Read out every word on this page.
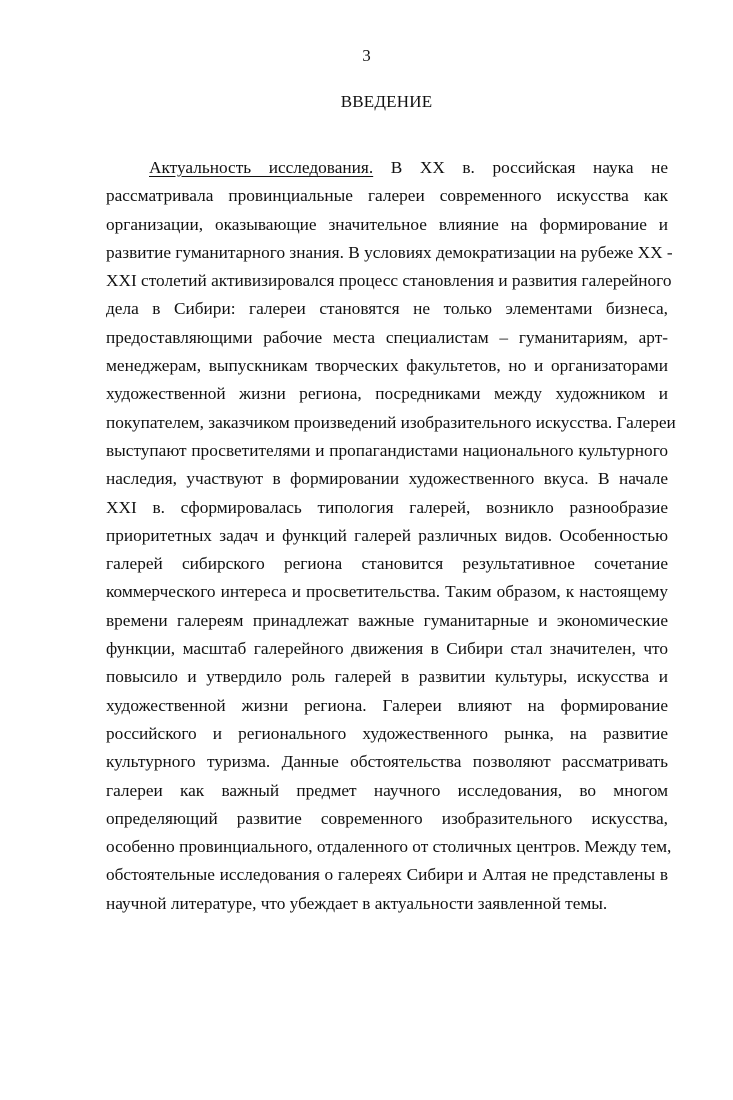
3
ВВЕДЕНИЕ
Актуальность исследования. В XX в. российская наука не
рассматривала провинциальные галереи современного искусства как
организации, оказывающие значительное влияние на формирование и
развитие гуманитарного знания. В условиях демократизации на рубеже XX -
XXI столетий активизировался процесс становления и развития галерейного
дела в Сибири: галереи становятся не только элементами бизнеса,
предоставляющими рабочие места специалистам – гуманитариям, арт-
менеджерам, выпускникам творческих факультетов, но и организаторами
художественной жизни региона, посредниками между художником и
покупателем, заказчиком произведений изобразительного искусства. Галереи
выступают просветителями и пропагандистами национального культурного
наследия, участвуют в формировании художественного вкуса. В начале
XXI в. сформировалась типология галерей, возникло разнообразие
приоритетных задач и функций галерей различных видов. Особенностью
галерей сибирского региона становится результативное сочетание
коммерческого интереса и просветительства. Таким образом, к настоящему
времени галереям принадлежат важные гуманитарные и экономические
функции, масштаб галерейного движения в Сибири стал значителен, что
повысило и утвердило роль галерей в развитии культуры, искусства и
художественной жизни региона. Галереи влияют на формирование
российского и регионального художественного рынка, на развитие
культурного туризма. Данные обстоятельства позволяют рассматривать
галереи как важный предмет научного исследования, во многом
определяющий развитие современного изобразительного искусства,
особенно провинциального, отдаленного от столичных центров. Между тем,
обстоятельные исследования о галереях Сибири и Алтая не представлены в
научной литературе, что убеждает в актуальности заявленной темы.
